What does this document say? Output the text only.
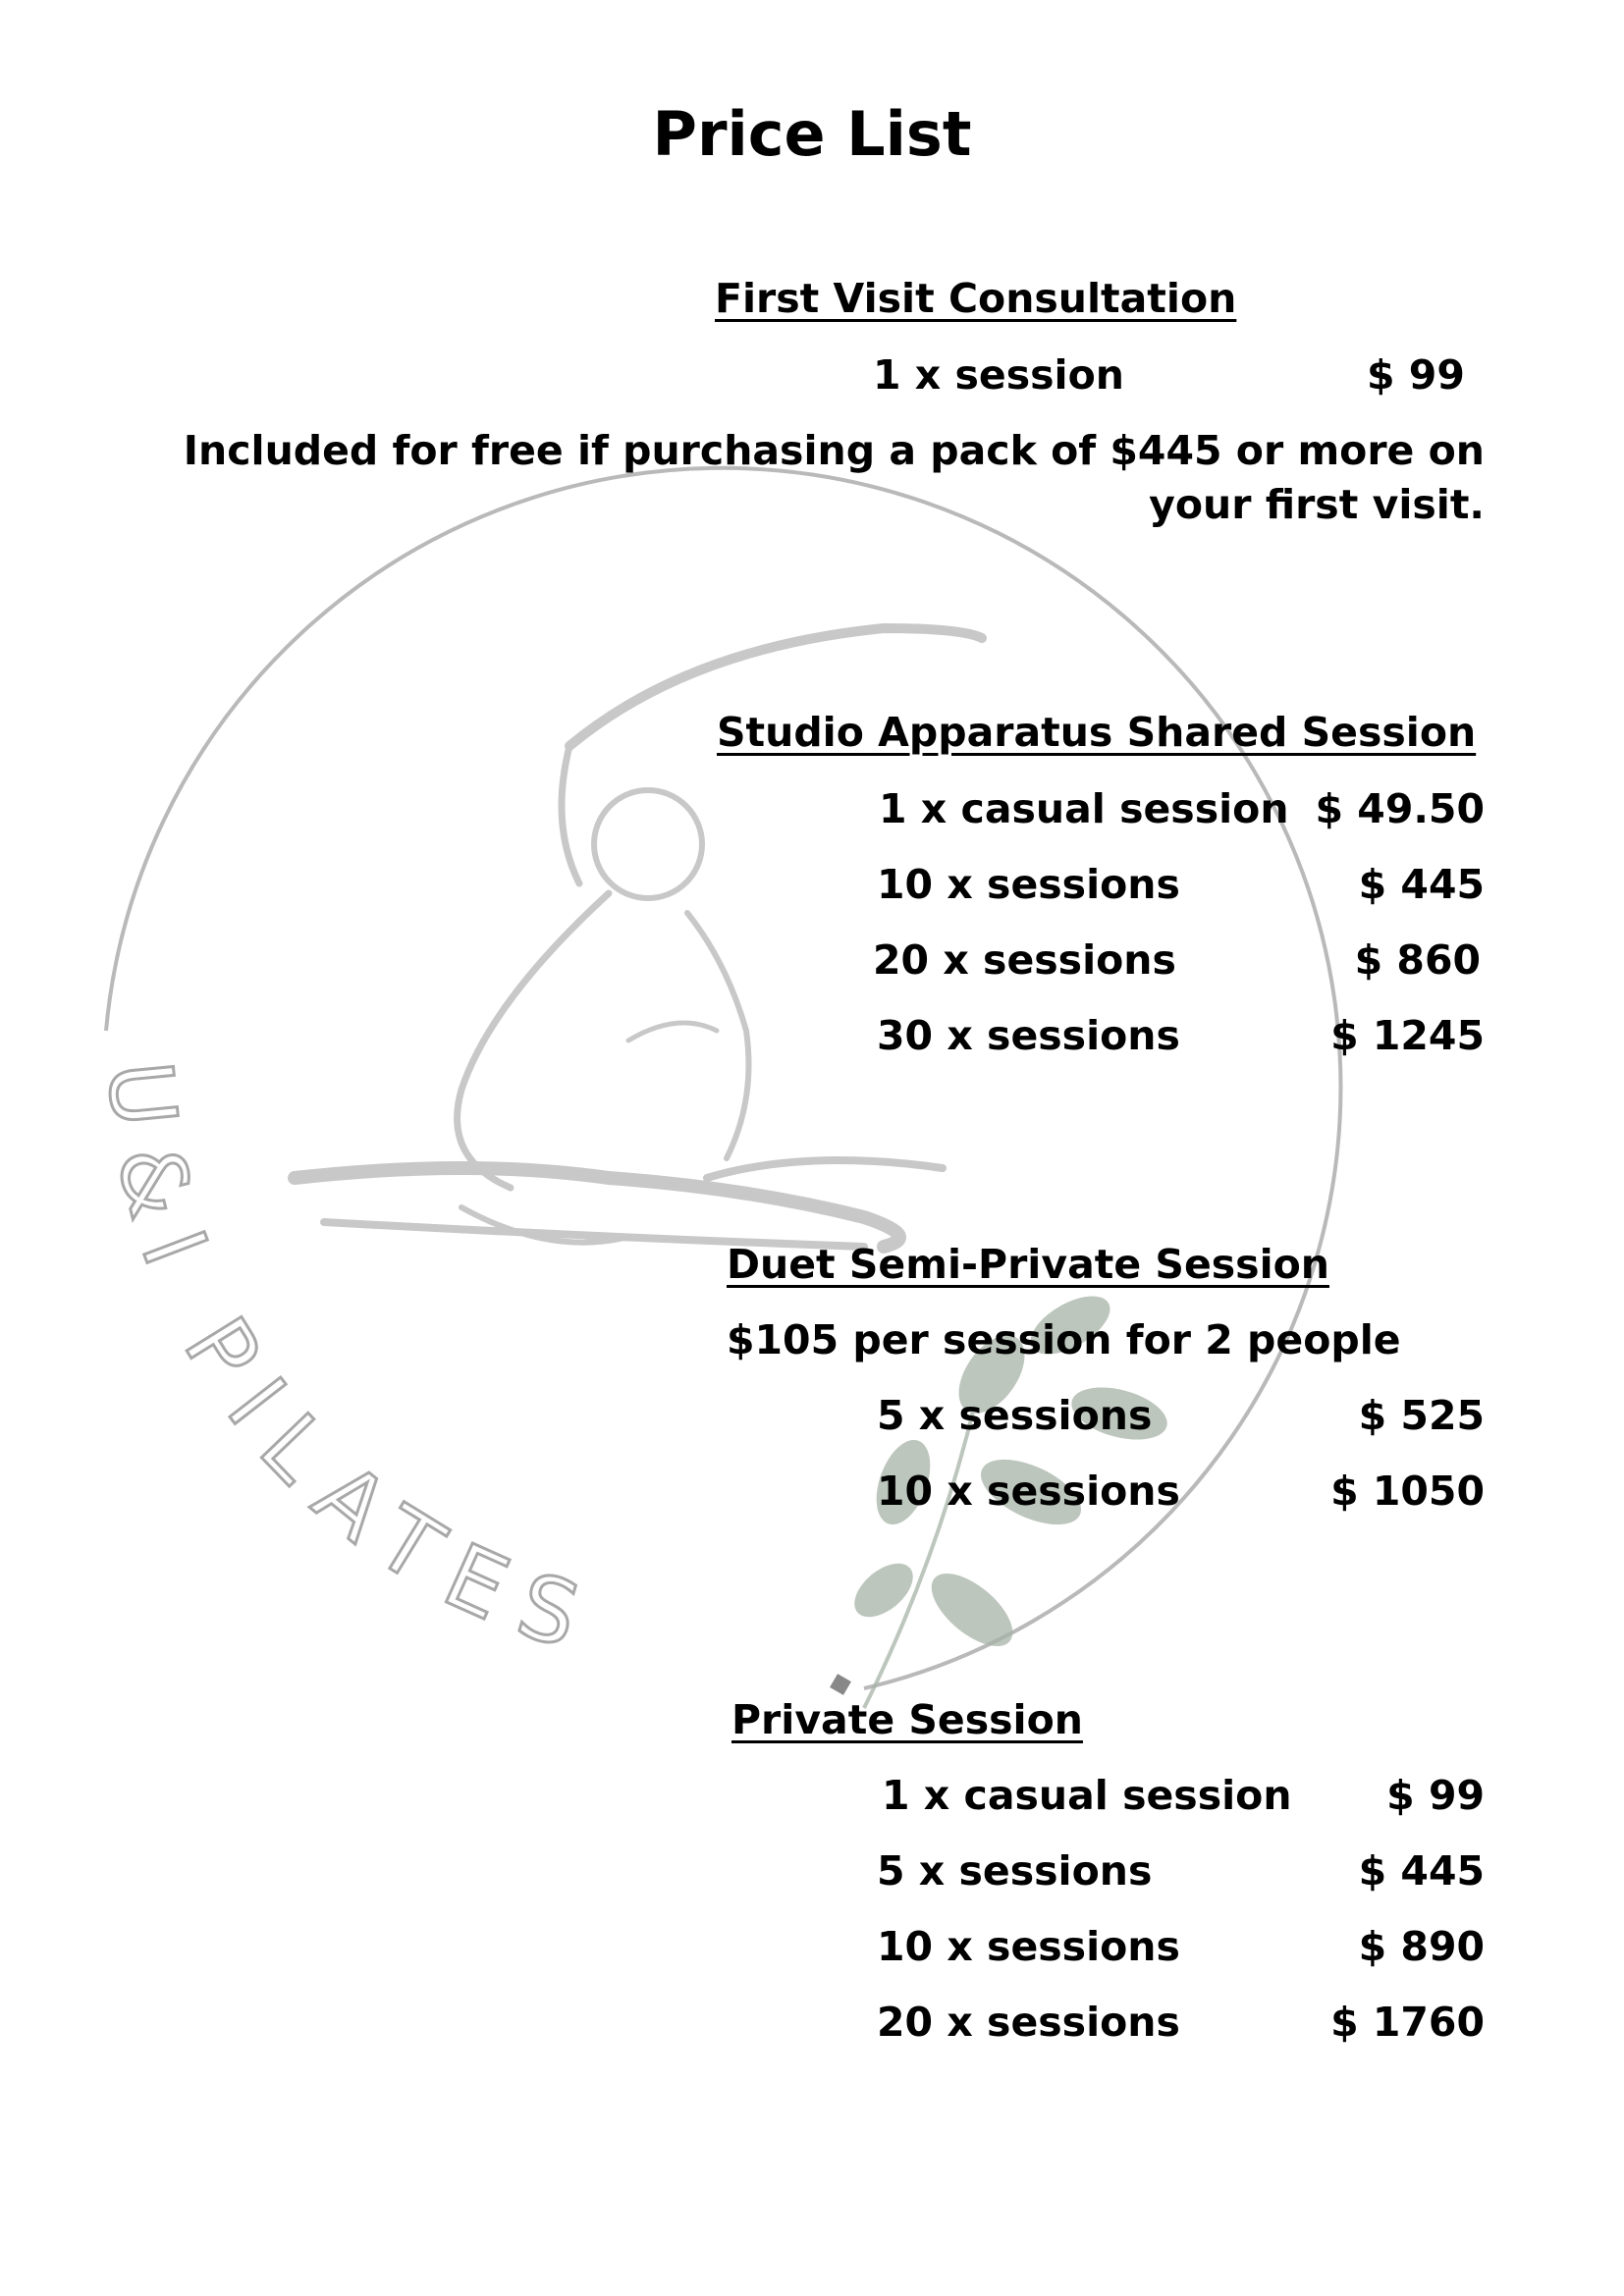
U&I PILATES
Price List
First Visit Consultation
1 x session	$ 99
Included for free if purchasing a pack of $445 or more on
your first visit.
Studio Apparatus Shared Session
1 x casual session $ 49.50
10 x sessions	$ 445
20 x sessions	$ 860
30 x sessions	$ 1245
Duet Semi-Private Session
$105 per session for 2 people
5 x sessions	$ 525
10 x sessions	$ 1050
Private Session
1 x casual session $ 99
5 x sessions	$ 445
10 x sessions	$ 890
20 x sessions	$ 1760
